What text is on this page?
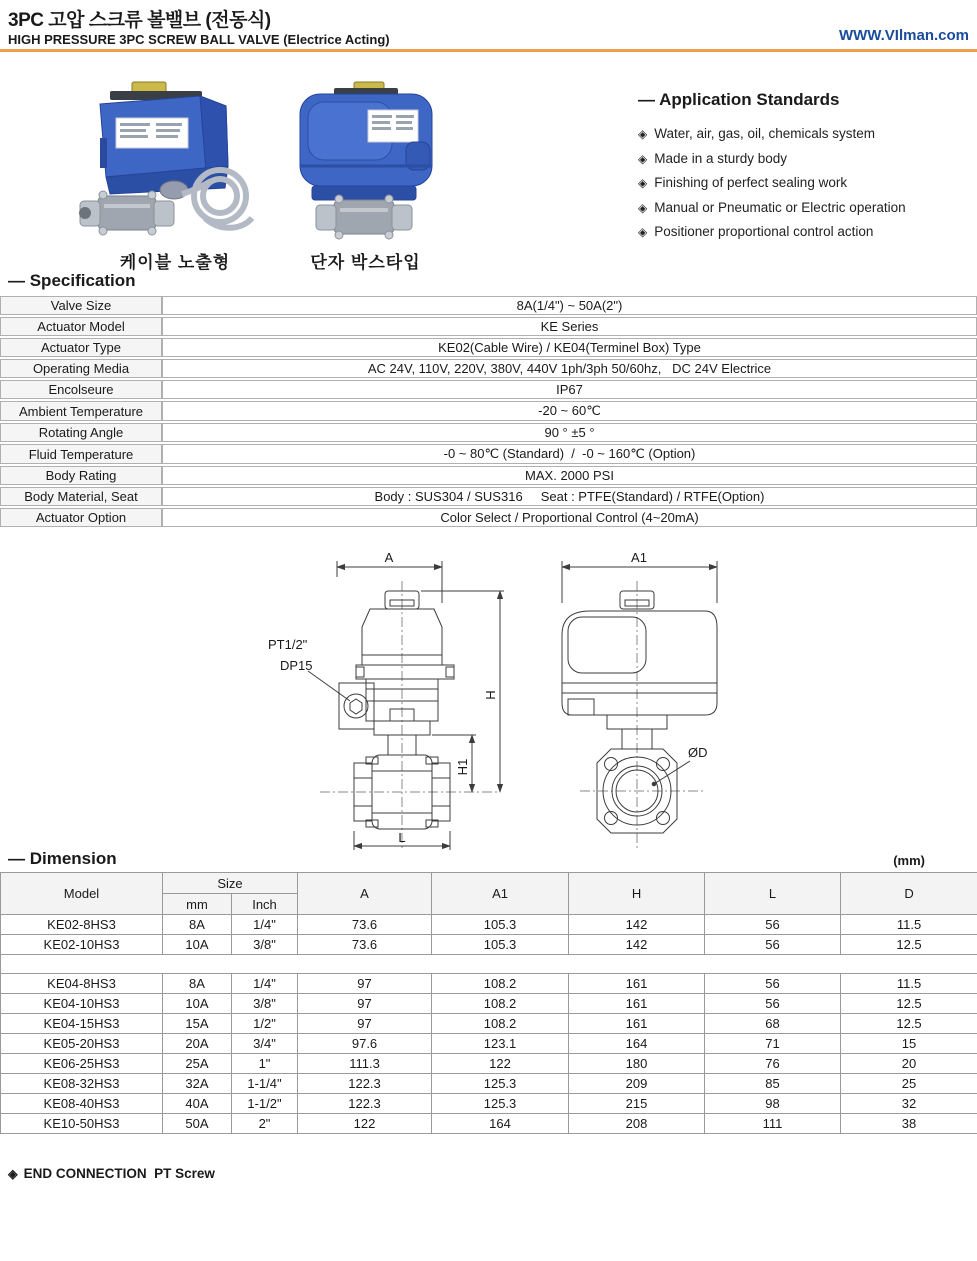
3PC 고압 스크류 볼밸브 (전동식)
HIGH PRESSURE 3PC SCREW BALL VALVE (Electrice Acting)	WWW.VIlman.com
케이블 노출형	단자 박스타입
— Application Standards
◈ Water, air, gas, oil, chemicals system
◈ Made in a sturdy body
◈ Finishing of perfect sealing work
◈ Manual or Pneumatic or Electric operation
◈ Positioner proportional control action
— Specification
Valve Size	8A(1/4") ~ 50A(2")
Actuator Model	KE Series
Actuator Type	KE02(Cable Wire) / KE04(Terminel Box) Type
Operating Media	AC 24V, 110V, 220V, 380V, 440V 1ph/3ph 50/60hz,   DC 24V Electrice
Encolseure	IP67
Ambient Temperature	-20 ~ 60℃
Rotating Angle	90 ° ±5 °
Fluid Temperature	-0 ~ 80℃ (Standard)  /  -0 ~ 160℃ (Option)
Body Rating	MAX. 2000 PSI
Body Material, Seat	Body : SUS304 / SUS316     Seat : PTFE(Standard) / RTFE(Option)
Actuator Option	Color Select / Proportional Control (4~20mA)
A	A1
H
H1
L
ØD
PT1/2"
DP15
— Dimension	(mm)
Model	Size		A	A1	H	L	D
	mm	Inch					
KE02-8HS3	8A	1/4"	73.6	105.3	142	56	11.5
KE02-10HS3	10A	3/8"	73.6	105.3	142	56	12.5

KE04-8HS3	8A	1/4"	97	108.2	161	56	11.5
KE04-10HS3	10A	3/8"	97	108.2	161	56	12.5
KE04-15HS3	15A	1/2"	97	108.2	161	68	12.5
KE05-20HS3	20A	3/4"	97.6	123.1	164	71	15
KE06-25HS3	25A	1"	111.3	122	180	76	20
KE08-32HS3	32A	1-1/4"	122.3	125.3	209	85	25
KE08-40HS3	40A	1-1/2"	122.3	125.3	215	98	32
KE10-50HS3	50A	2"	122	164	208	111	38
◈ END CONNECTION  PT Screw
